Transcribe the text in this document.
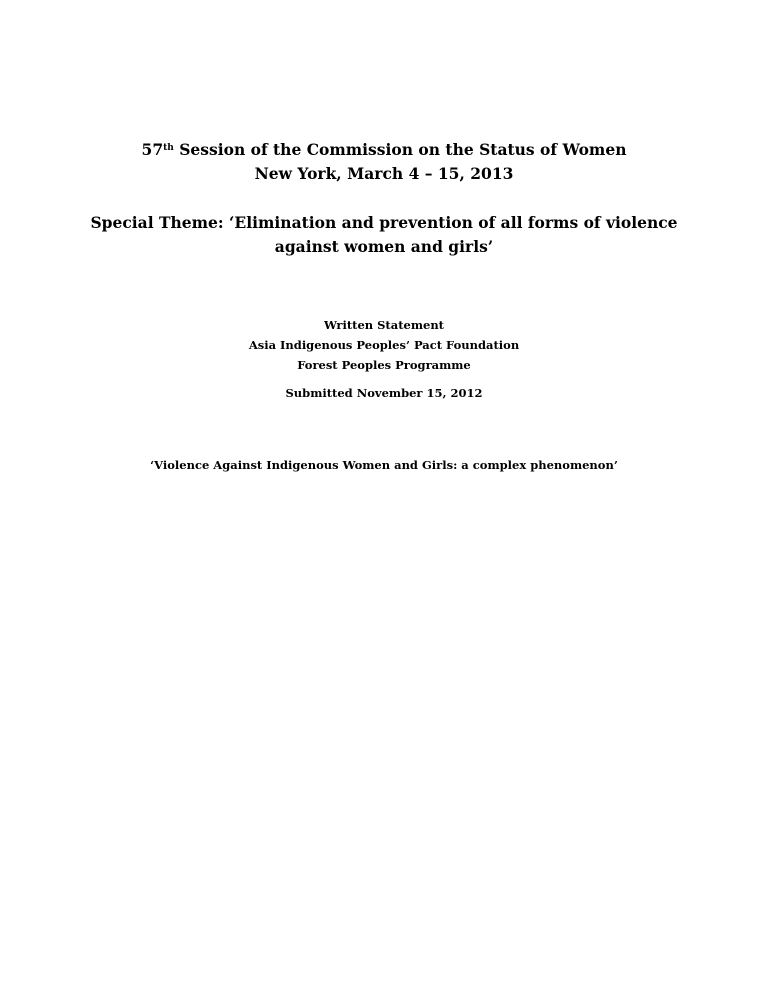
57th Session of the Commission on the Status of Women
New York, March 4 – 15, 2013
Special Theme: ‘Elimination and prevention of all forms of violence
against women and girls’
Written Statement
Asia Indigenous Peoples’ Pact Foundation
Forest Peoples Programme
Submitted November 15, 2012
‘Violence Against Indigenous Women and Girls: a complex phenomenon’
